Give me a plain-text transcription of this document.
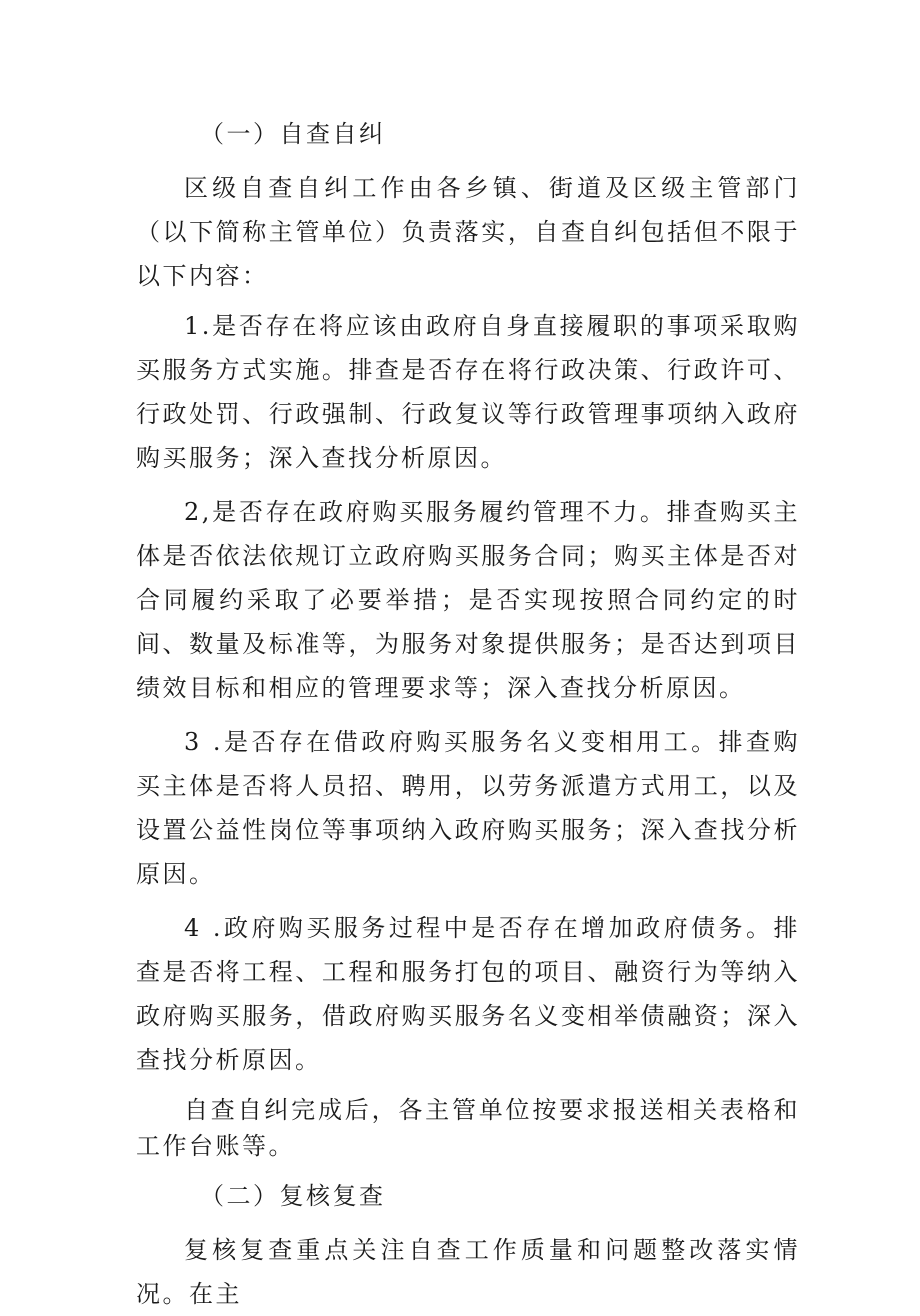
（一）自查自纠

区级自查自纠工作由各乡镇、街道及区级主管部门（以下简称主管单位）负责落实，自查自纠包括但不限于以下内容：

1.是否存在将应该由政府自身直接履职的事项采取购买服务方式实施。排查是否存在将行政决策、行政许可、行政处罚、行政强制、行政复议等行政管理事项纳入政府购买服务；深入查找分析原因。

2,是否存在政府购买服务履约管理不力。排查购买主体是否依法依规订立政府购买服务合同；购买主体是否对合同履约采取了必要举措；是否实现按照合同约定的时间、数量及标准等，为服务对象提供服务；是否达到项目绩效目标和相应的管理要求等；深入查找分析原因。

3 .是否存在借政府购买服务名义变相用工。排查购买主体是否将人员招、聘用，以劳务派遣方式用工，以及设置公益性岗位等事项纳入政府购买服务；深入查找分析原因。

4 .政府购买服务过程中是否存在增加政府债务。排查是否将工程、工程和服务打包的项目、融资行为等纳入政府购买服务，借政府购买服务名义变相举债融资；深入查找分析原因。

自查自纠完成后，各主管单位按要求报送相关表格和工作台账等。

（二）复核复查

复核复查重点关注自查工作质量和问题整改落实情况。在主
